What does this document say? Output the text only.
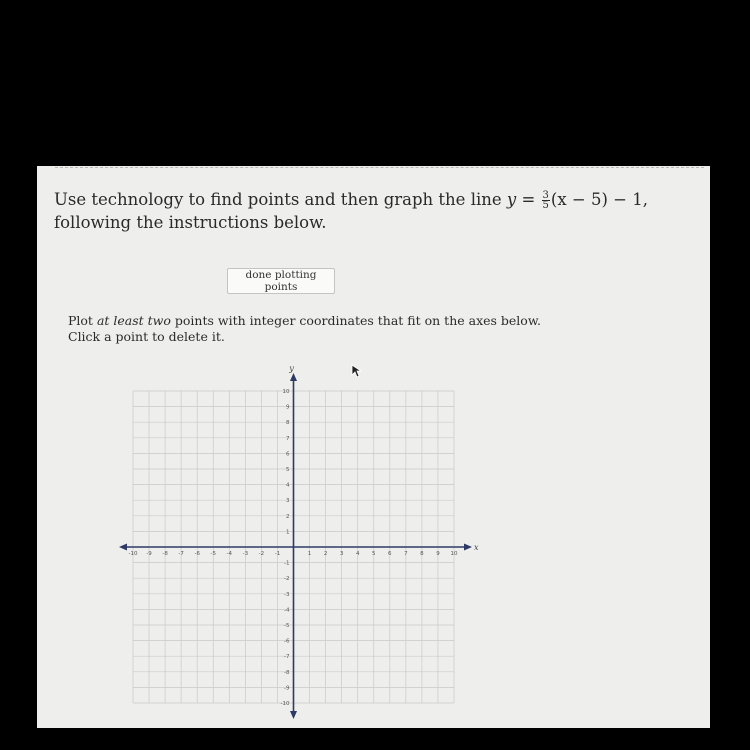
Use technology to find points and then graph the line $y = \frac{3}{5} (x - 5) - 1$, following the instructions below.
done plotting points
Plot at least two points with integer coordinates that fit on the axes below.
Click a point to delete it.
x
y
-10 -9 -8 -7 -6 -5 -4 -3 -2 -1	1 2 3 4 5 6 7 8 9 10
-10
-9
-8
-7
-6
-5
-4
-3
-2
-1
1
2
3
4
5
6
7
8
9
10
